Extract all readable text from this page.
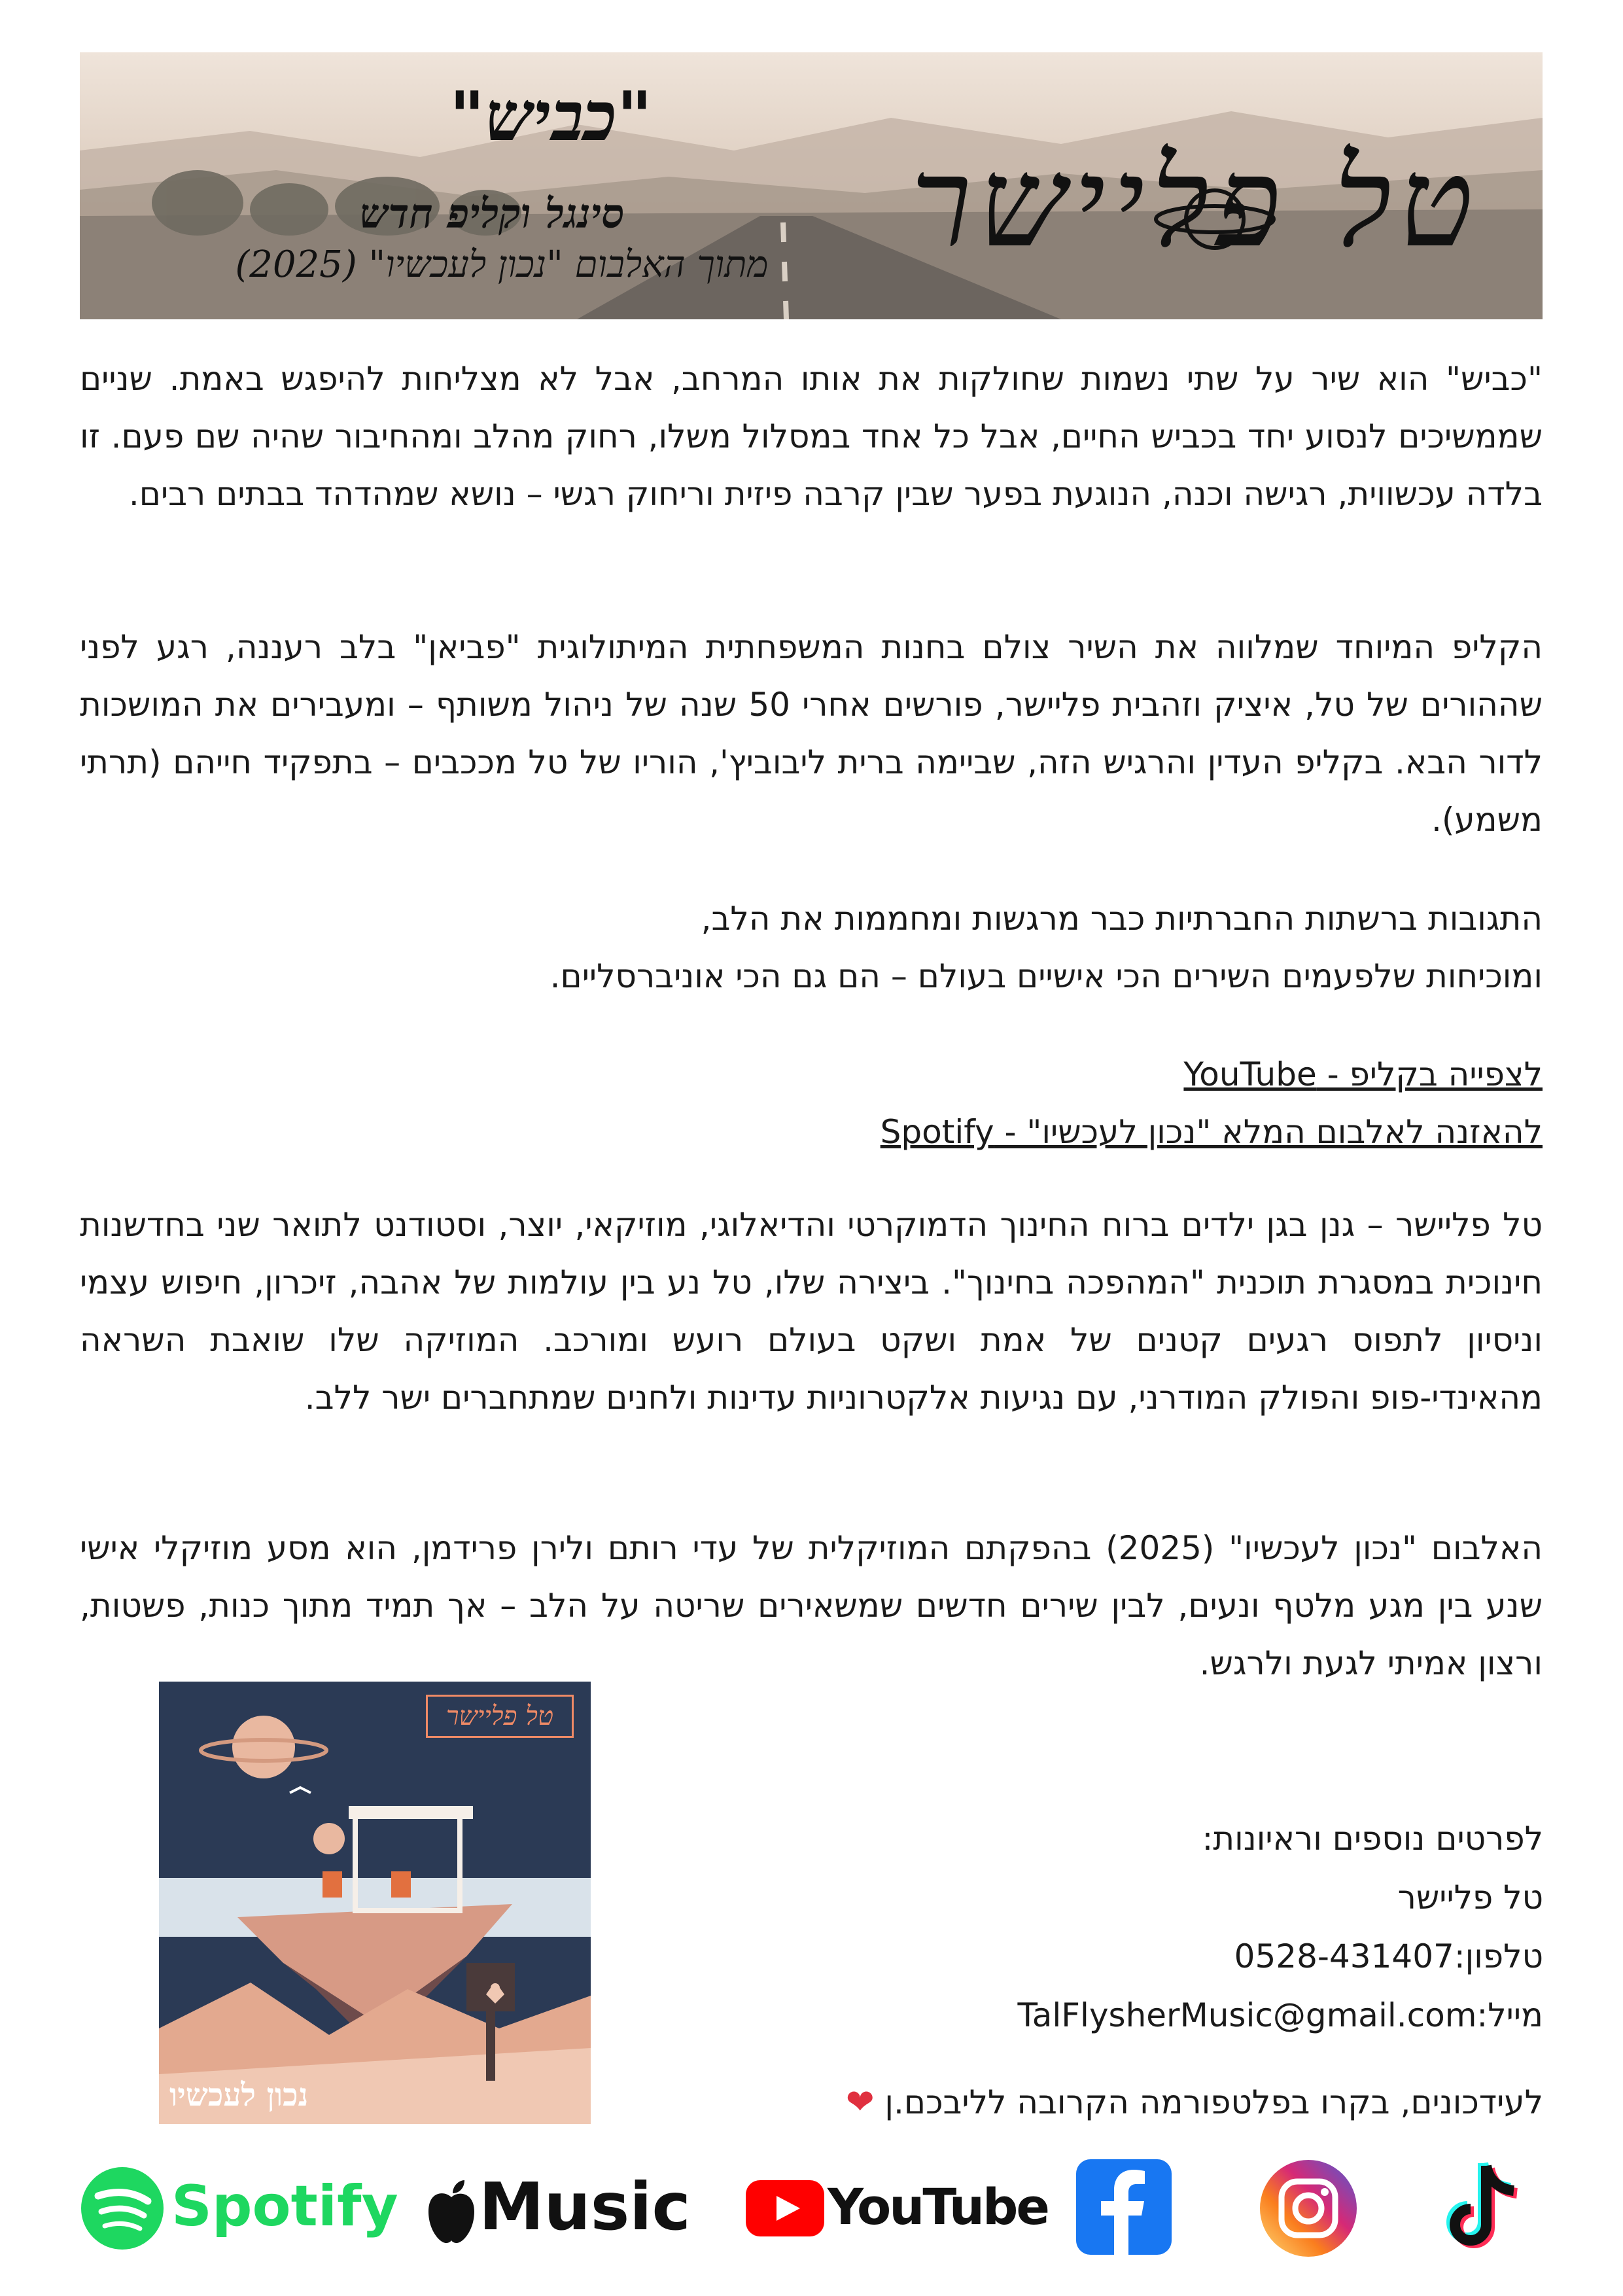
"כביש"
סינגל וקליפ חדש
מתוך האלבום "נכון לעכשיו" (2025)	טל פליישר

"כביש" הוא שיר על שתי נשמות שחולקות את אותו המרחב, אבל לא מצליחות להיפגש באמת. שניים שממשיכים לנסוע יחד בכביש החיים, אבל כל אחד במסלול משלו, רחוק מהלב ומהחיבור שהיה שם פעם. זו בלדה עכשווית, רגישה וכנה, הנוגעת בפער שבין קרבה פיזית וריחוק רגשי – נושא שמהדהד בבתים רבים.

הקליפ המיוחד שמלווה את השיר צולם בחנות המשפחתית המיתולוגית "פביאן" בלב רעננה, רגע לפני שההורים של טל, איציק וזהבית פליישר, פורשים אחרי 50 שנה של ניהול משותף – ומעבירים את המושכות לדור הבא. בקליפ העדין והרגיש הזה, שביימה ברית ליבוביץ', הוריו של טל מככבים – בתפקיד חייהם (תרתי משמע).

התגובות ברשתות החברתיות כבר מרגשות ומחממות את הלב,
ומוכיחות שלפעמים השירים הכי אישיים בעולם – הם גם הכי אוניברסליים.
לצפייה בקליפ - YouTube
להאזנה לאלבום המלא "נכון לעכשיו" - Spotify

טל פליישר – גנן בגן ילדים ברוח החינוך הדמוקרטי והדיאלוגי, מוזיקאי, יוצר, וסטודנט לתואר שני בחדשנות חינוכית במסגרת תוכנית "המהפכה בחינוך". ביצירה שלו, טל נע בין עולמות של אהבה, זיכרון, חיפוש עצמי וניסיון לתפוס רגעים קטנים של אמת ושקט בעולם רועש ומורכב. המוזיקה שלו שואבת השראה מהאינדי-פופ והפולק המודרני, עם נגיעות אלקטרוניות עדינות ולחנים שמתחברים ישר ללב.

האלבום "נכון לעכשיו" (2025) בהפקתם המוזיקלית של עדי רותם ולירן פרידמן, הוא מסע מוזיקלי אישי שנע בין מגע מלטף ונעים, לבין שירים חדשים שמשאירים שריטה על הלב – אך תמיד מתוך כנות, פשטות, ורצון אמיתי לגעת ולרגש.

טל פליישר
נכון לעכשיו
לפרטים נוספים וראיונות:
טל פליישר
טלפון:0528-431407
מייל:TalFlysherMusic@gmail.com
לעידכונים, בקרו בפלטפורמה הקרובה לליבכם.ן ❤
Spotify Music	YouTube
